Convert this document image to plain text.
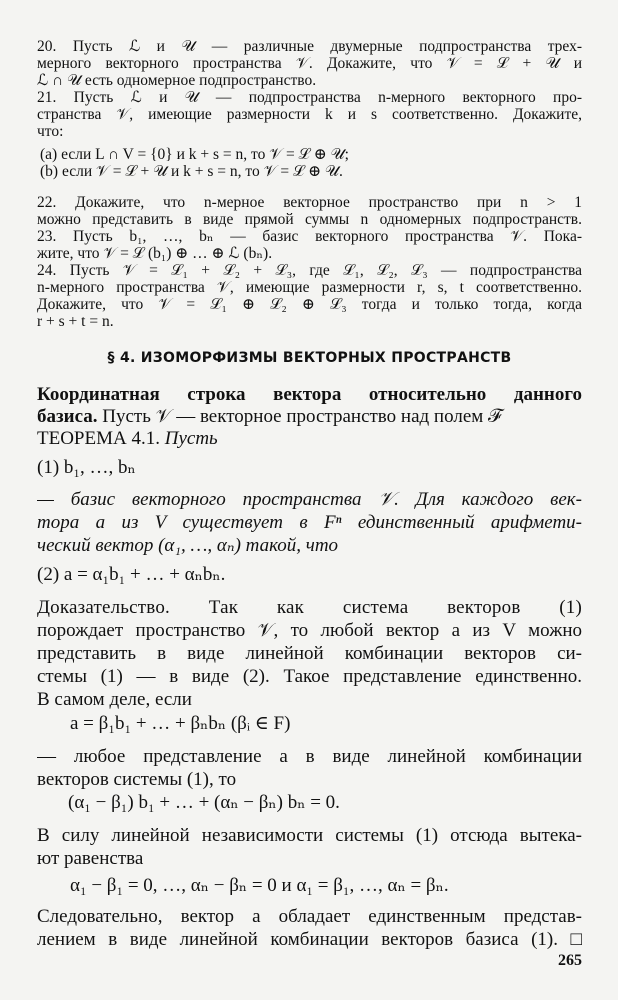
20. Пусть ℒ и 𝒰 — различные двумерные подпространства трех-
мерного векторного пространства 𝒱. Докажите, что 𝒱 = ℒ + 𝒰 и
ℒ ∩ 𝒰 есть одномерное подпространство.
21. Пусть ℒ и 𝒰 — подпространства n-мерного векторного про-
странства 𝒱, имеющие размерности k и s соответственно. Докажите,
что:
(a) если L ∩ V = {0} и k + s = n, то 𝒱 = ℒ ⊕ 𝒰;
(b) если 𝒱 = ℒ + 𝒰 и k + s = n, то 𝒱 = ℒ ⊕ 𝒰.
22. Докажите, что n-мерное векторное пространство при n > 1
можно представить в виде прямой суммы n одномерных подпространств.
23. Пусть b₁, …, bₙ — базис векторного пространства 𝒱. Пока-
жите, что 𝒱 = ℒ (b₁) ⊕ … ⊕ ℒ (bₙ).
24. Пусть 𝒱 = ℒ₁ + ℒ₂ + ℒ₃, где ℒ₁, ℒ₂, ℒ₃ — подпространства
n-мерного пространства 𝒱, имеющие размерности r, s, t соответственно.
Докажите, что 𝒱 = ℒ₁ ⊕ ℒ₂ ⊕ ℒ₃ тогда и только тогда, когда
r + s + t = n.
§ 4. ИЗОМОРФИЗМЫ ВЕКТОРНЫХ ПРОСТРАНСТВ
Координатная строка вектора относительно данного
базиса. Пусть 𝒱 — векторное пространство над полем ℱ
ТЕОРЕМА 4.1. Пусть
(1) b₁, …, bₙ
— базис векторного пространства 𝒱. Для каждого век-
тора a из V существует в Fⁿ единственный арифмети-
ческий вектор (α₁, …, αₙ) такой, что
(2) a = α₁b₁ + … + αₙbₙ.
Доказательство. Так как система векторов (1)
порождает пространство 𝒱, то любой вектор a из V можно
представить в виде линейной комбинации векторов си-
стемы (1) — в виде (2). Такое представление единственно.
В самом деле, если
a = β₁b₁ + … + βₙbₙ (βᵢ ∈ F)
— любое представление a в виде линейной комбинации
векторов системы (1), то
(α₁ − β₁) b₁ + … + (αₙ − βₙ) bₙ = 0.
В силу линейной независимости системы (1) отсюда вытека-
ют равенства
α₁ − β₁ = 0, …, αₙ − βₙ = 0 и α₁ = β₁, …, αₙ = βₙ.
Следовательно, вектор a обладает единственным представ-
лением в виде линейной комбинации векторов базиса (1). □
265
